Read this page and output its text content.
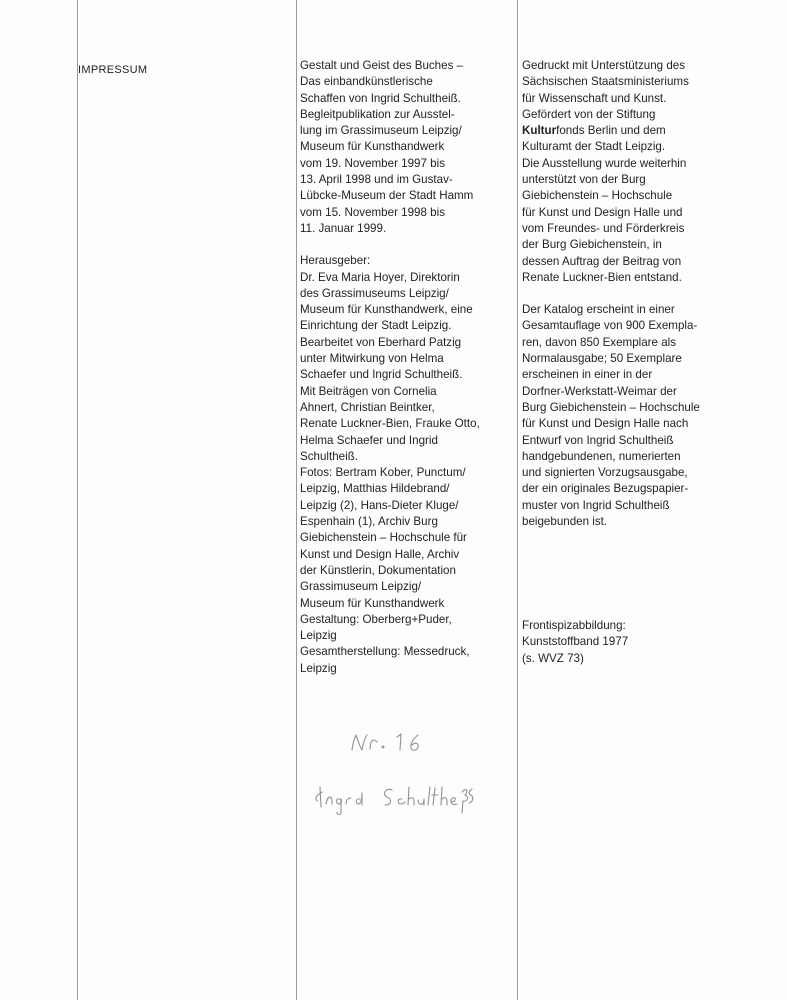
IMPRESSUM	Gestalt und Geist des Buches –

Das einbandkünstlerische

Schaffen von Ingrid Schultheiß.

Begleitpublikation zur Ausstel-

lung im Grassimuseum Leipzig/

Museum für Kunsthandwerk

vom 19. November 1997 bis

13. April 1998 und im Gustav-

Lübcke-Museum der Stadt Hamm

vom 15. November 1998 bis

11. Januar 1999.

Herausgeber:

Dr. Eva Maria Hoyer, Direktorin

des Grassimuseums Leipzig/

Museum für Kunsthandwerk, eine

Einrichtung der Stadt Leipzig.

Bearbeitet von Eberhard Patzig

unter Mitwirkung von Helma

Schaefer und Ingrid Schultheiß.

Mit Beiträgen von Cornelia

Ahnert, Christian Beintker,

Renate Luckner-Bien, Frauke Otto,

Helma Schaefer und Ingrid

Schultheiß.

Fotos: Bertram Kober, Punctum/

Leipzig, Matthias Hildebrand/

Leipzig (2), Hans-Dieter Kluge/

Espenhain (1), Archiv Burg

Giebichenstein – Hochschule für

Kunst und Design Halle, Archiv

der Künstlerin, Dokumentation

Grassimuseum Leipzig/

Museum für Kunsthandwerk

Gestaltung: Oberberg+Puder,

Leipzig

Gesamtherstellung: Messedruck,

Leipzig

Gedruckt mit Unterstützung des

Sächsischen Staatsministeriums

für Wissenschaft und Kunst.

Gefördert von der Stiftung

Kulturfonds Berlin und dem

Kulturamt der Stadt Leipzig.

Die Ausstellung wurde weiterhin

unterstützt von der Burg

Giebichenstein – Hochschule

für Kunst und Design Halle und

vom Freundes- und Förderkreis

der Burg Giebichenstein, in

dessen Auftrag der Beitrag von

Renate Luckner-Bien entstand.

Der Katalog erscheint in einer

Gesamtauflage von 900 Exempla-

ren, davon 850 Exemplare als

Normalausgabe; 50 Exemplare

erscheinen in einer in der

Dorfner-Werkstatt-Weimar der

Burg Giebichenstein – Hochschule

für Kunst und Design Halle nach

Entwurf von Ingrid Schultheiß

handgebundenen, numerierten

und signierten Vorzugsausgabe,

der ein originales Bezugspapier-

muster von Ingrid Schultheiß

beigebunden ist.

Frontispizabbildung:

Kunststoffband 1977

(s. WVZ 73)
